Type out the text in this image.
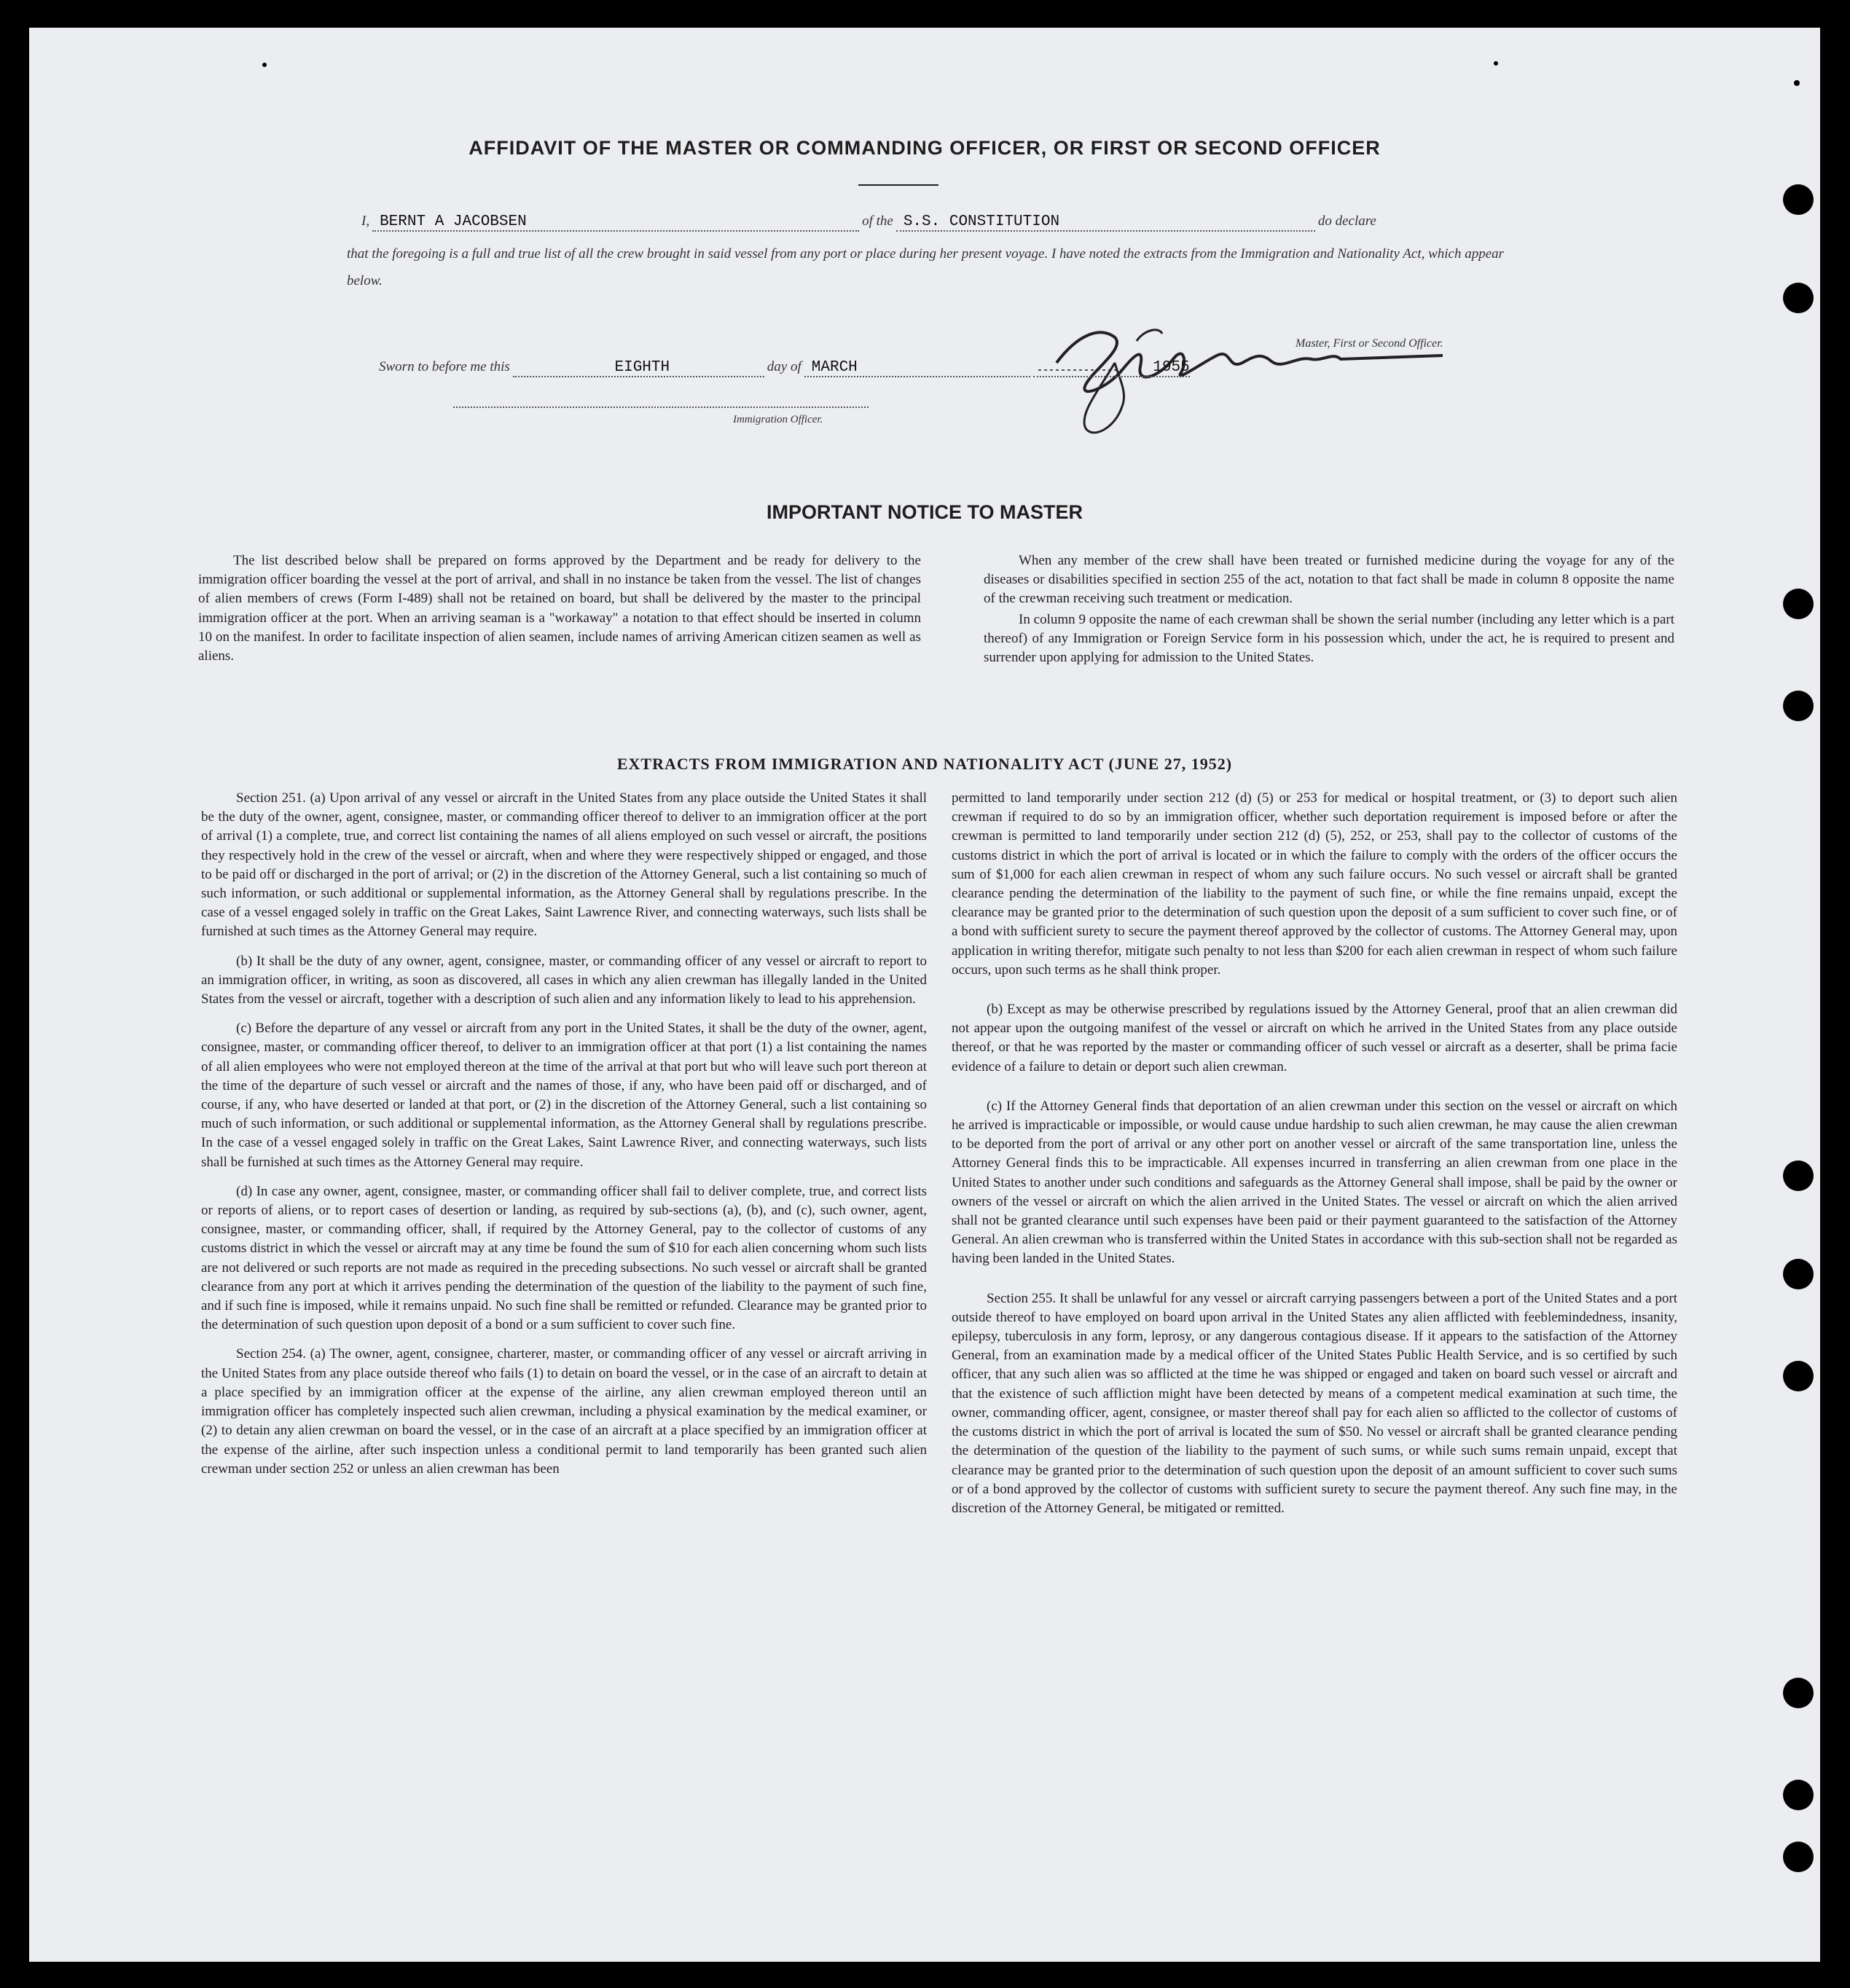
AFFIDAVIT OF THE MASTER OR COMMANDING OFFICER, OR FIRST OR SECOND OFFICER
I, BERNT A JACOBSEN	of the S.S. CONSTITUTION	do declare
that the foregoing is a full and true list of all the crew brought in said vessel from any port or place during her present voyage. I have noted the extracts from the Immigration and Nationality Act, which appear below.
Master, First or Second Officer.
Sworn to before me this	EIGHTH	day of MARCH	1955
Immigration Officer.
IMPORTANT NOTICE TO MASTER

The list described below shall be prepared on forms approved by the Department and be ready for delivery to the immigration officer boarding the vessel at the port of arrival, and shall in no instance be taken from the vessel. The list of changes of alien members of crews (Form I-489) shall not be retained on board, but shall be delivered by the master to the principal immigration officer at the port. When an arriving seaman is a "workaway" a notation to that effect should be inserted in column 10 on the manifest. In order to facilitate inspection of alien seamen, include names of arriving American citizen seamen as well as aliens.

When any member of the crew shall have been treated or furnished medicine during the voyage for any of the diseases or disabilities specified in section 255 of the act, notation to that fact shall be made in column 8 opposite the name of the crewman receiving such treatment or medication.

In column 9 opposite the name of each crewman shall be shown the serial number (including any letter which is a part thereof) of any Immigration or Foreign Service form in his possession which, under the act, he is required to present and surrender upon applying for admission to the United States.

EXTRACTS FROM IMMIGRATION AND NATIONALITY ACT (JUNE 27, 1952)

Section 251. (a) Upon arrival of any vessel or aircraft in the United States from any place outside the United States it shall be the duty of the owner, agent, consignee, master, or commanding officer thereof to deliver to an immigration officer at the port of arrival (1) a complete, true, and correct list containing the names of all aliens employed on such vessel or aircraft, the positions they respectively hold in the crew of the vessel or aircraft, when and where they were respectively shipped or engaged, and those to be paid off or discharged in the port of arrival; or (2) in the discretion of the Attorney General, such a list containing so much of such information, or such additional or supplemental information, as the Attorney General shall by regulations prescribe. In the case of a vessel engaged solely in traffic on the Great Lakes, Saint Lawrence River, and connecting waterways, such lists shall be furnished at such times as the Attorney General may require.

(b) It shall be the duty of any owner, agent, consignee, master, or commanding officer of any vessel or aircraft to report to an immigration officer, in writing, as soon as discovered, all cases in which any alien crewman has illegally landed in the United States from the vessel or aircraft, together with a description of such alien and any information likely to lead to his apprehension.

(c) Before the departure of any vessel or aircraft from any port in the United States, it shall be the duty of the owner, agent, consignee, master, or commanding officer thereof, to deliver to an immigration officer at that port (1) a list containing the names of all alien employees who were not employed thereon at the time of the arrival at that port but who will leave such port thereon at the time of the departure of such vessel or aircraft and the names of those, if any, who have been paid off or discharged, and of course, if any, who have deserted or landed at that port, or (2) in the discretion of the Attorney General, such a list containing so much of such information, or such additional or supplemental information, as the Attorney General shall by regulations prescribe. In the case of a vessel engaged solely in traffic on the Great Lakes, Saint Lawrence River, and connecting waterways, such lists shall be furnished at such times as the Attorney General may require.

(d) In case any owner, agent, consignee, master, or commanding officer shall fail to deliver complete, true, and correct lists or reports of aliens, or to report cases of desertion or landing, as required by sub-sections (a), (b), and (c), such owner, agent, consignee, master, or commanding officer, shall, if required by the Attorney General, pay to the collector of customs of any customs district in which the vessel or aircraft may at any time be found the sum of $10 for each alien concerning whom such lists are not delivered or such reports are not made as required in the preceding subsections. No such vessel or aircraft shall be granted clearance from any port at which it arrives pending the determination of the question of the liability to the payment of such fine, and if such fine is imposed, while it remains unpaid. No such fine shall be remitted or refunded. Clearance may be granted prior to the determination of such question upon deposit of a bond or a sum sufficient to cover such fine.

Section 254. (a) The owner, agent, consignee, charterer, master, or commanding officer of any vessel or aircraft arriving in the United States from any place outside thereof who fails (1) to detain on board the vessel, or in the case of an aircraft to detain at a place specified by an immigration officer at the expense of the airline, any alien crewman employed thereon until an immigration officer has completely inspected such alien crewman, including a physical examination by the medical examiner, or (2) to detain any alien crewman on board the vessel, or in the case of an aircraft at a place specified by an immigration officer at the expense of the airline, after such inspection unless a conditional permit to land temporarily has been granted such alien crewman under section 252 or unless an alien crewman has been

permitted to land temporarily under section 212 (d) (5) or 253 for medical or hospital treatment, or (3) to deport such alien crewman if required to do so by an immigration officer, whether such deportation requirement is imposed before or after the crewman is permitted to land temporarily under section 212 (d) (5), 252, or 253, shall pay to the collector of customs of the customs district in which the port of arrival is located or in which the failure to comply with the orders of the officer occurs the sum of $1,000 for each alien crewman in respect of whom any such failure occurs. No such vessel or aircraft shall be granted clearance pending the determination of the liability to the payment of such fine, or while the fine remains unpaid, except the clearance may be granted prior to the determination of such question upon the deposit of a sum sufficient to cover such fine, or of a bond with sufficient surety to secure the payment thereof approved by the collector of customs. The Attorney General may, upon application in writing therefor, mitigate such penalty to not less than $200 for each alien crewman in respect of whom such failure occurs, upon such terms as he shall think proper.

(b) Except as may be otherwise prescribed by regulations issued by the Attorney General, proof that an alien crewman did not appear upon the outgoing manifest of the vessel or aircraft on which he arrived in the United States from any place outside thereof, or that he was reported by the master or commanding officer of such vessel or aircraft as a deserter, shall be prima facie evidence of a failure to detain or deport such alien crewman.

(c) If the Attorney General finds that deportation of an alien crewman under this section on the vessel or aircraft on which he arrived is impracticable or impossible, or would cause undue hardship to such alien crewman, he may cause the alien crewman to be deported from the port of arrival or any other port on another vessel or aircraft of the same transportation line, unless the Attorney General finds this to be impracticable. All expenses incurred in transferring an alien crewman from one place in the United States to another under such conditions and safeguards as the Attorney General shall impose, shall be paid by the owner or owners of the vessel or aircraft on which the alien arrived in the United States. The vessel or aircraft on which the alien arrived shall not be granted clearance until such expenses have been paid or their payment guaranteed to the satisfaction of the Attorney General. An alien crewman who is transferred within the United States in accordance with this sub-section shall not be regarded as having been landed in the United States.

Section 255. It shall be unlawful for any vessel or aircraft carrying passengers between a port of the United States and a port outside thereof to have employed on board upon arrival in the United States any alien afflicted with feeblemindedness, insanity, epilepsy, tuberculosis in any form, leprosy, or any dangerous contagious disease. If it appears to the satisfaction of the Attorney General, from an examination made by a medical officer of the United States Public Health Service, and is so certified by such officer, that any such alien was so afflicted at the time he was shipped or engaged and taken on board such vessel or aircraft and that the existence of such affliction might have been detected by means of a competent medical examination at such time, the owner, commanding officer, agent, consignee, or master thereof shall pay for each alien so afflicted to the collector of customs of the customs district in which the port of arrival is located the sum of $50. No vessel or aircraft shall be granted clearance pending the determination of the question of the liability to the payment of such sums, or while such sums remain unpaid, except that clearance may be granted prior to the determination of such question upon the deposit of an amount sufficient to cover such sums or of a bond approved by the collector of customs with sufficient surety to secure the payment thereof. Any such fine may, in the discretion of the Attorney General, be mitigated or remitted.
